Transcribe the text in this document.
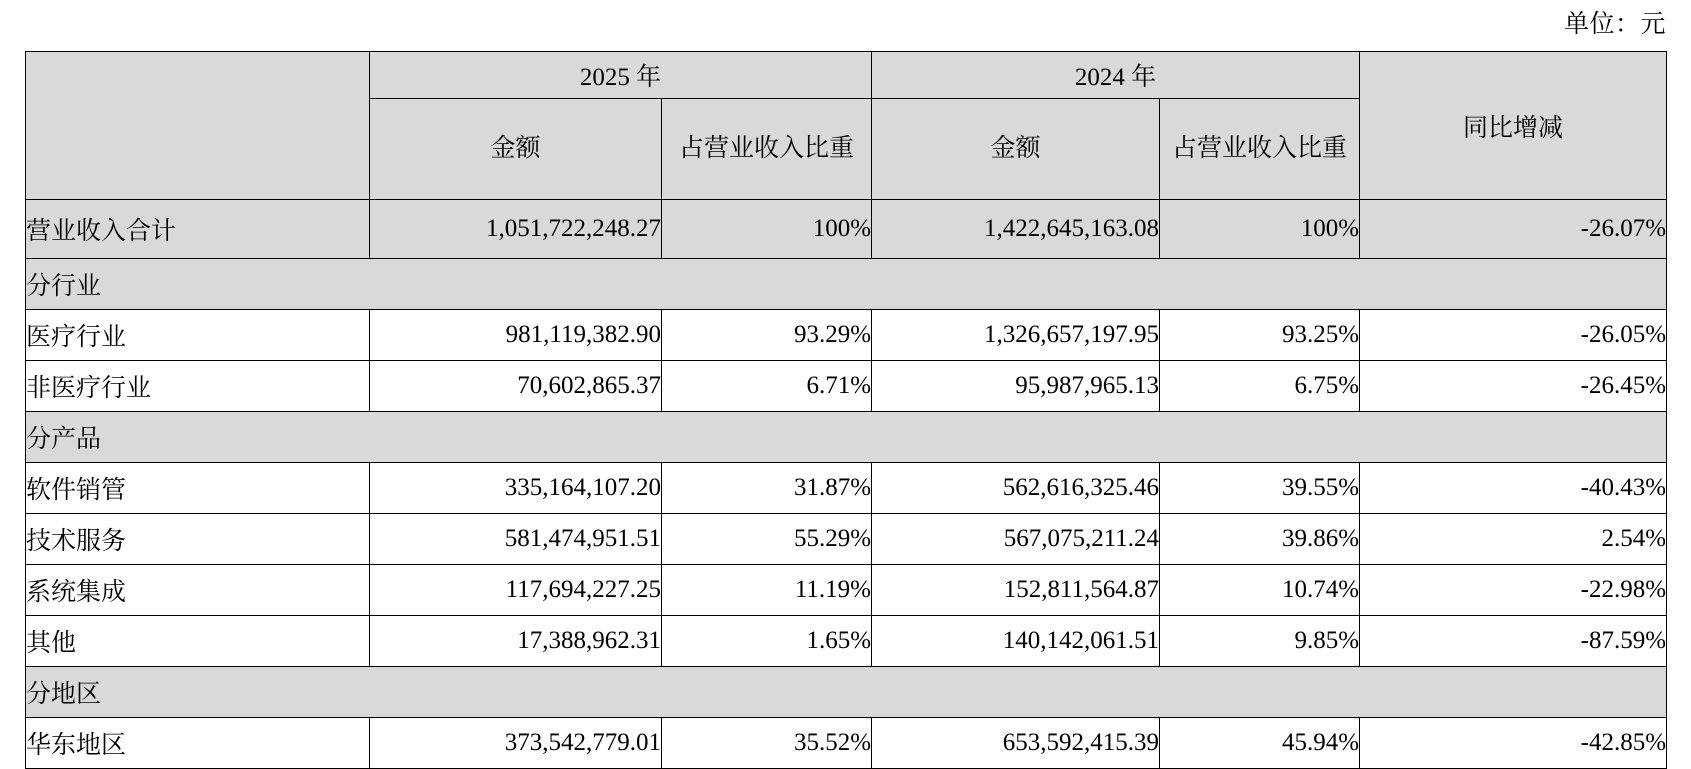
单位：元
	2025 年		2024 年		同比增减
	金额	占营业收入比重	金额	占营业收入比重	
营业收入合计	1,051,722,248.27	100%	1,422,645,163.08	100%	-26.07%
分行业					
医疗行业	981,119,382.90	93.29%	1,326,657,197.95	93.25%	-26.05%
非医疗行业	70,602,865.37	6.71%	95,987,965.13	6.75%	-26.45%
分产品					
软件销管	335,164,107.20	31.87%	562,616,325.46	39.55%	-40.43%
技术服务	581,474,951.51	55.29%	567,075,211.24	39.86%	2.54%
系统集成	117,694,227.25	11.19%	152,811,564.87	10.74%	-22.98%
其他	17,388,962.31	1.65%	140,142,061.51	9.85%	-87.59%
分地区					
华东地区	373,542,779.01	35.52%	653,592,415.39	45.94%	-42.85%
